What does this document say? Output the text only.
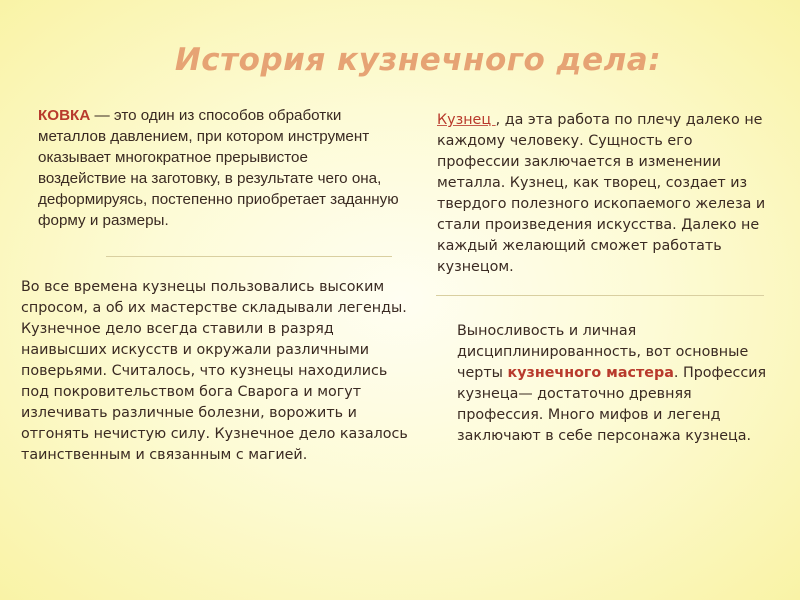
История кузнечного дела:
КОВКА — это один из способов обработки металлов давлением, при котором инструмент оказывает многократное прерывистое воздействие на заготовку, в результате чего она, деформируясь, постепенно приобретает заданную форму и размеры.
Кузнец , да эта работа по плечу далеко не каждому человеку. Сущность его профессии заключается в изменении металла. Кузнец, как творец, создает из твердого полезного ископаемого железа и стали произведения искусства. Далеко не каждый желающий сможет работать кузнецом.
Во все времена кузнецы пользовались высоким спросом, а об их мастерстве складывали легенды. Кузнечное дело всегда ставили в разряд наивысших искусств и окружали различными поверьями. Считалось, что кузнецы находились под покровительством бога Сварога и могут излечивать различные болезни, ворожить и отгонять нечистую силу. Кузнечное дело казалось таинственным и связанным с магией.
Выносливость и личная дисциплинированность, вот основные черты кузнечного мастера. Профессия кузнеца— достаточно древняя профессия. Много мифов и легенд заключают в себе персонажа кузнеца.
